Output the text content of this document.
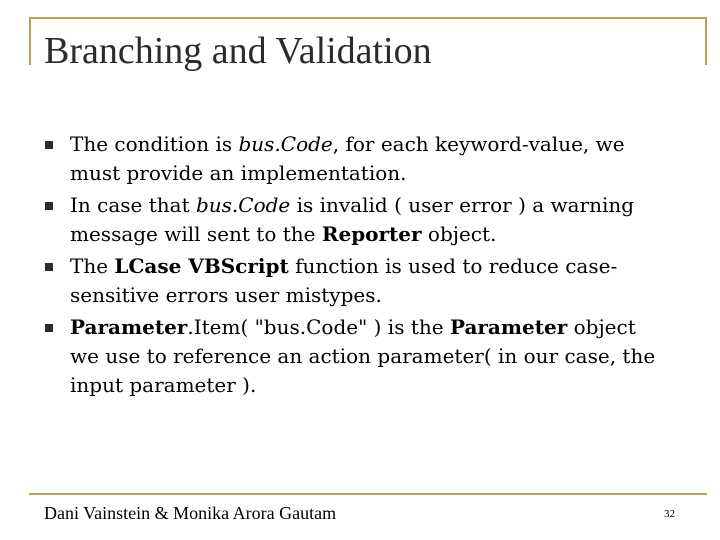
Branching and Validation
The condition is bus.Code, for each keyword-value, we must provide an implementation.
In case that bus.Code is invalid ( user error ) a warning message will sent to the Reporter object.
The LCase VBScript function is used to reduce case-sensitive errors user mistypes.
Parameter.Item( "bus.Code" ) is the Parameter object we use to reference an action parameter( in our case, the input parameter ).
Dani Vainstein & Monika Arora Gautam	32
